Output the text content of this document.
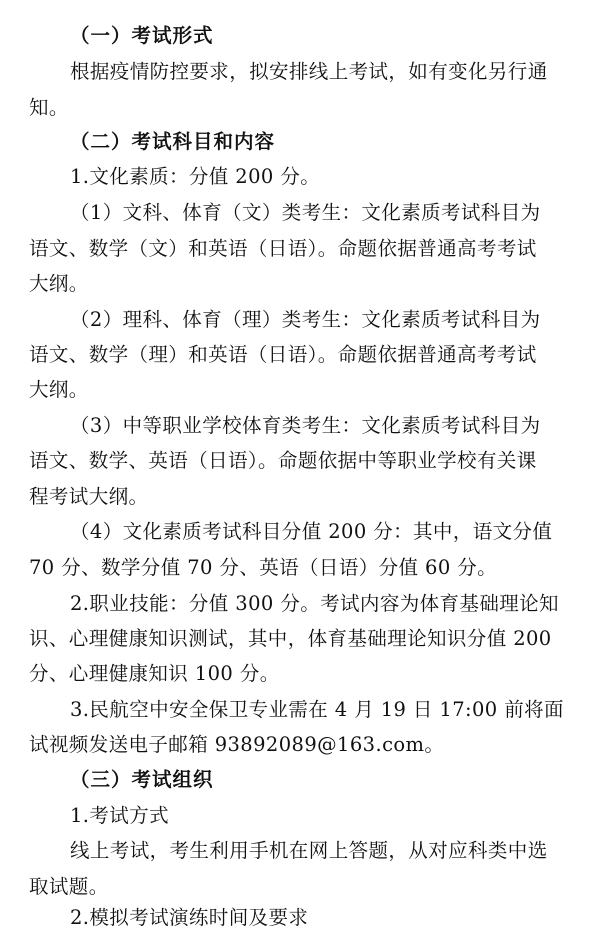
（一）考试形式
根据疫情防控要求，拟安排线上考试，如有变化另行通
知。
（二）考试科目和内容
1.文化素质：分值 200 分。
（1）文科、体育（文）类考生：文化素质考试科目为
语文、数学（文）和英语（日语）。命题依据普通高考考试
大纲。
（2）理科、体育（理）类考生：文化素质考试科目为
语文、数学（理）和英语（日语）。命题依据普通高考考试
大纲。
（3）中等职业学校体育类考生：文化素质考试科目为
语文、数学、英语（日语）。命题依据中等职业学校有关课
程考试大纲。
（4）文化素质考试科目分值 200 分：其中，语文分值
70 分、数学分值 70 分、英语（日语）分值 60 分。
2.职业技能：分值 300 分。考试内容为体育基础理论知
识、心理健康知识测试，其中，体育基础理论知识分值 200
分、心理健康知识 100 分。
3.民航空中安全保卫专业需在 4 月 19 日 17:00 前将面
试视频发送电子邮箱 93892089@163.com。
（三）考试组织
1.考试方式
线上考试，考生利用手机在网上答题，从对应科类中选
取试题。
2.模拟考试演练时间及要求
